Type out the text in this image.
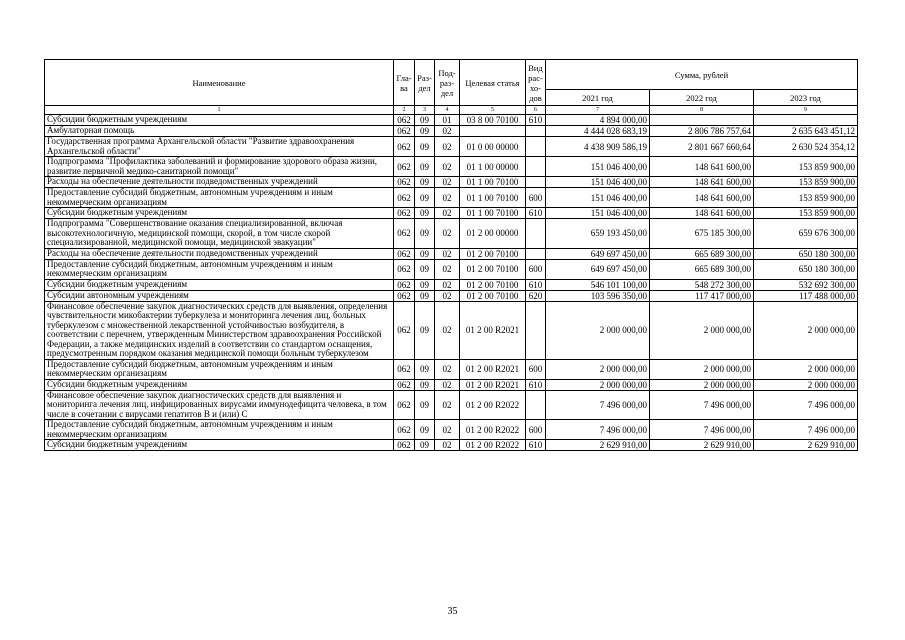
Наименование	Гла-ва	Раз-дел	Под-раз-дел	Целевая статья	Вид рас-хо-дов	Сумма, рублей		
						2021 год	2022 год	2023 год
1	2	3	4	5	6	7	8	9
Субсидии бюджетным учреждениям	062	09	01	03 8 00 70100	610	4 894 000,00		
Амбулаторная помощь	062	09	02			4 444 028 683,19	2 806 786 757,64	2 635 643 451,12
Государственная программа Архангельской области "Развитие здравоохранения Архангельской области"	062	09	02	01 0 00 00000		4 438 909 586,19	2 801 667 660,64	2 630 524 354,12
Подпрограмма "Профилактика заболеваний и формирование здорового образа жизни, развитие первичной медико-санитарной помощи"	062	09	02	01 1 00 00000		151 046 400,00	148 641 600,00	153 859 900,00
Расходы на обеспечение деятельности подведомственных учреждений	062	09	02	01 1 00 70100		151 046 400,00	148 641 600,00	153 859 900,00
Предоставление субсидий бюджетным, автономным учреждениям и иным некоммерческим организациям	062	09	02	01 1 00 70100	600	151 046 400,00	148 641 600,00	153 859 900,00
Субсидии бюджетным учреждениям	062	09	02	01 1 00 70100	610	151 046 400,00	148 641 600,00	153 859 900,00
Подпрограмма "Совершенствование оказания специализированной, включая высокотехнологичную, медицинской помощи, скорой, в том числе скорой специализированной, медицинской помощи, медицинской эвакуации"	062	09	02	01 2 00 00000		659 193 450,00	675 185 300,00	659 676 300,00
Расходы на обеспечение деятельности подведомственных учреждений	062	09	02	01 2 00 70100		649 697 450,00	665 689 300,00	650 180 300,00
Предоставление субсидий бюджетным, автономным учреждениям и иным некоммерческим организациям	062	09	02	01 2 00 70100	600	649 697 450,00	665 689 300,00	650 180 300,00
Субсидии бюджетным учреждениям	062	09	02	01 2 00 70100	610	546 101 100,00	548 272 300,00	532 692 300,00
Субсидии автономным учреждениям	062	09	02	01 2 00 70100	620	103 596 350,00	117 417 000,00	117 488 000,00
Финансовое обеспечение закупок диагностических средств для выявления, определения чувствительности микобактерии туберкулеза и мониторинга лечения лиц, больных туберкулезом с множественной лекарственной устойчивостью возбудителя, в соответствии с перечнем, утвержденным Министерством здравоохранения Российской Федерации, а также медицинских изделий в соответствии со стандартом оснащения, предусмотренным порядком оказания медицинской помощи больным туберкулезом	062	09	02	01 2 00 R2021		2 000 000,00	2 000 000,00	2 000 000,00
Предоставление субсидий бюджетным, автономным учреждениям и иным некоммерческим организациям	062	09	02	01 2 00 R2021	600	2 000 000,00	2 000 000,00	2 000 000,00
Субсидии бюджетным учреждениям	062	09	02	01 2 00 R2021	610	2 000 000,00	2 000 000,00	2 000 000,00
Финансовое обеспечение закупок диагностических средств для выявления и мониторинга лечения лиц, инфицированных вирусами иммунодефицита человека, в том числе в сочетании с вирусами гепатитов B и (или) C	062	09	02	01 2 00 R2022		7 496 000,00	7 496 000,00	7 496 000,00
Предоставление субсидий бюджетным, автономным учреждениям и иным некоммерческим организациям	062	09	02	01 2 00 R2022	600	7 496 000,00	7 496 000,00	7 496 000,00
Субсидии бюджетным учреждениям	062	09	02	01 2 00 R2022	610	2 629 910,00	2 629 910,00	2 629 910,00
35
